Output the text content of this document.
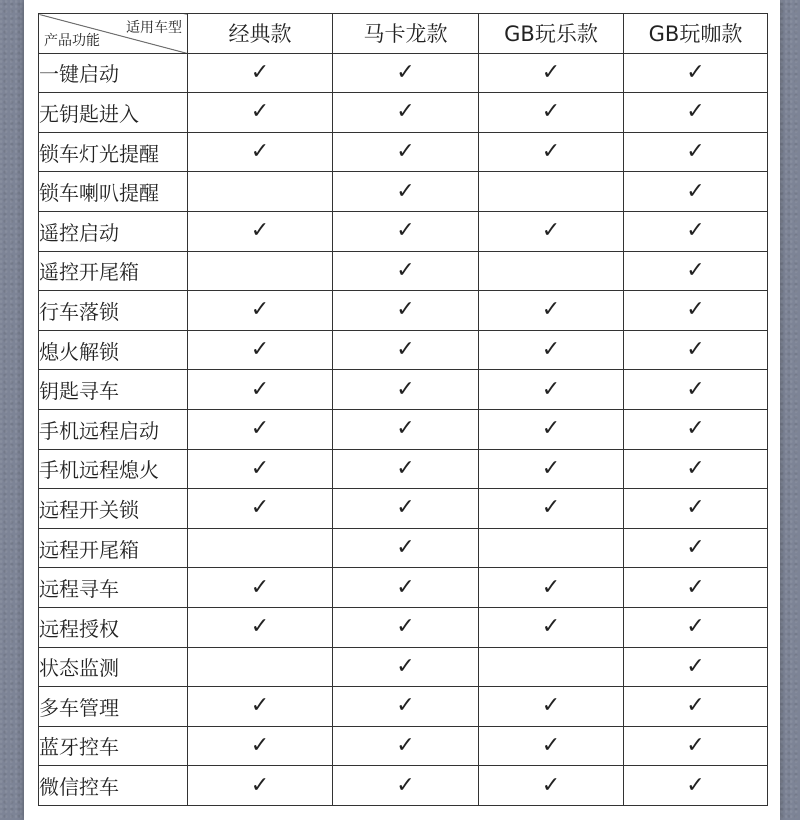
适用车型
产品功能	经典款	马卡龙款	GB玩乐款	GB玩咖款
一键启动	✓	✓	✓	✓
无钥匙进入	✓	✓	✓	✓
锁车灯光提醒	✓	✓	✓	✓
锁车喇叭提醒		✓		✓
遥控启动	✓	✓	✓	✓
遥控开尾箱		✓		✓
行车落锁	✓	✓	✓	✓
熄火解锁	✓	✓	✓	✓
钥匙寻车	✓	✓	✓	✓
手机远程启动	✓	✓	✓	✓
手机远程熄火	✓	✓	✓	✓
远程开关锁	✓	✓	✓	✓
远程开尾箱		✓		✓
远程寻车	✓	✓	✓	✓
远程授权	✓	✓	✓	✓
状态监测		✓		✓
多车管理	✓	✓	✓	✓
蓝牙控车	✓	✓	✓	✓
微信控车	✓	✓	✓	✓
